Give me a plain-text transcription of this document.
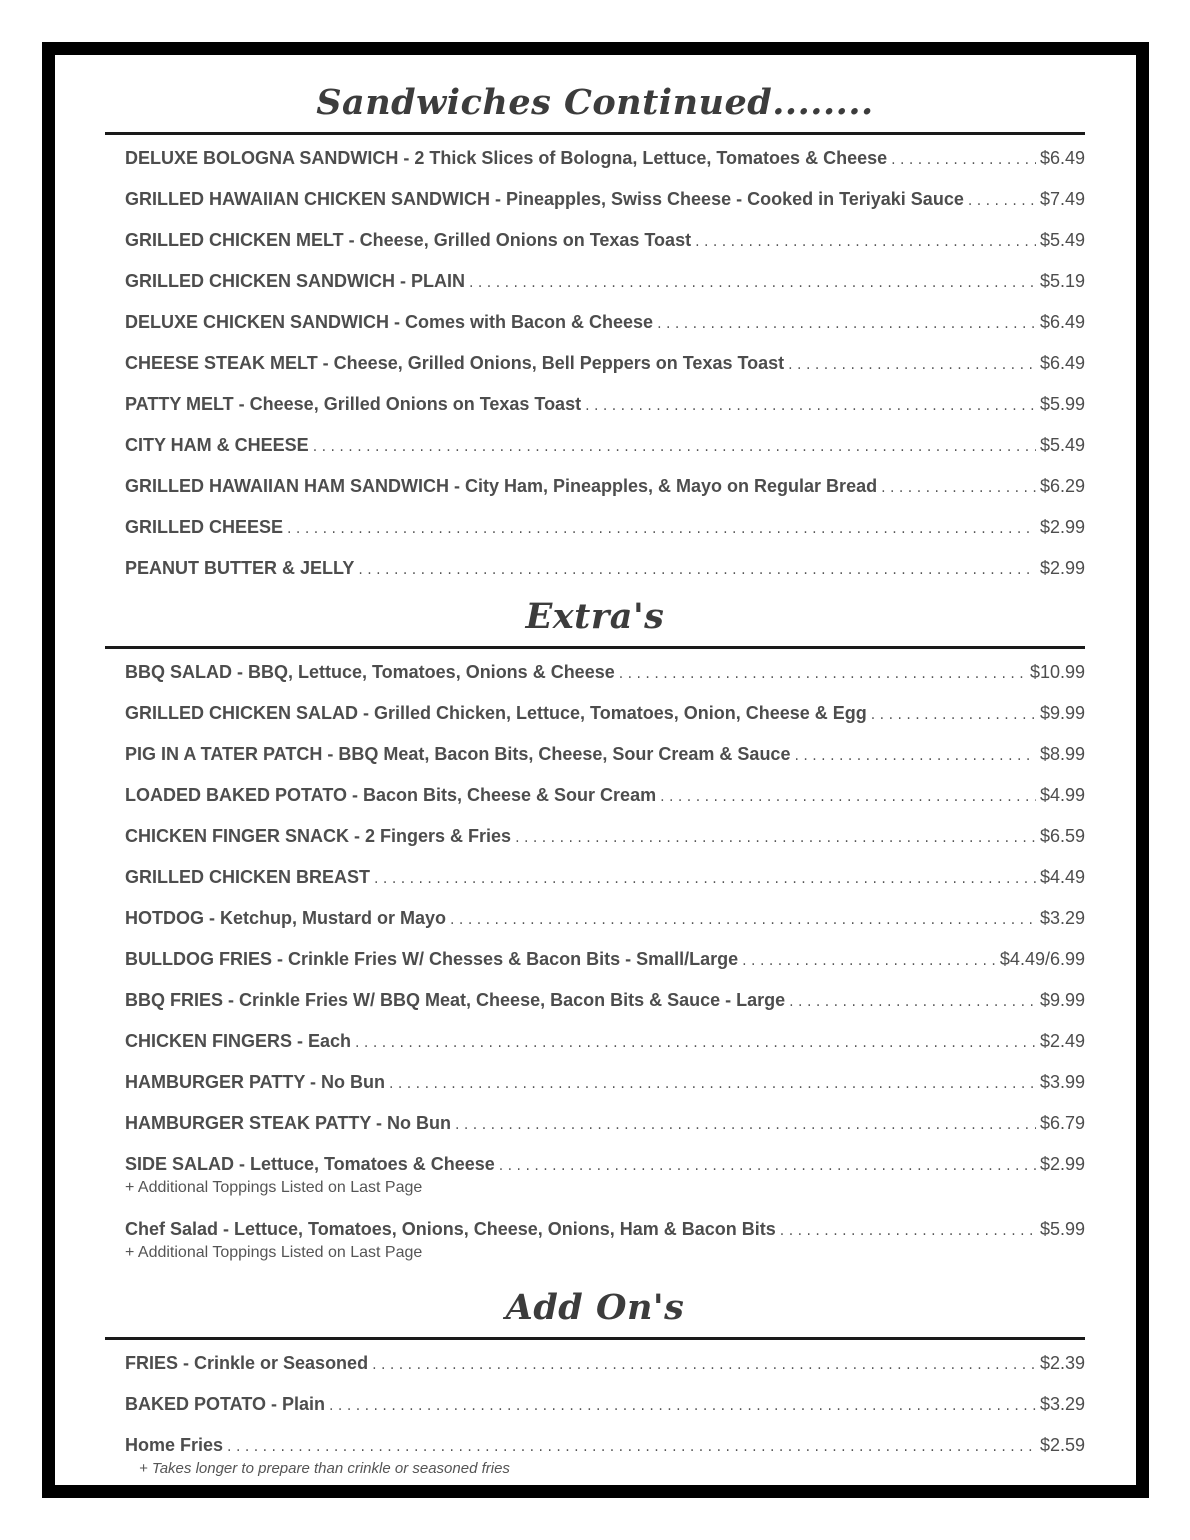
Sandwiches Continued........
DELUXE BOLOGNA SANDWICH - 2 Thick Slices of Bologna, Lettuce, Tomatoes & Cheese . . .	$6.49
GRILLED HAWAIIAN CHICKEN SANDWICH - Pineapples, Swiss Cheese - Cooked in Teriyaki Sauce . . .	$7.49
GRILLED CHICKEN MELT - Cheese, Grilled Onions on Texas Toast . . .	$5.49
GRILLED CHICKEN SANDWICH - PLAIN . . .	$5.19
DELUXE CHICKEN SANDWICH - Comes with Bacon & Cheese . . .	$6.49
CHEESE STEAK MELT - Cheese, Grilled Onions, Bell Peppers on Texas Toast . . .	$6.49
PATTY MELT - Cheese, Grilled Onions on Texas Toast . . .	$5.99
CITY HAM & CHEESE . . .	$5.49
GRILLED HAWAIIAN HAM SANDWICH - City Ham, Pineapples, & Mayo on Regular Bread . . .	$6.29
GRILLED CHEESE . . .	$2.99
PEANUT BUTTER & JELLY . . .	$2.99
Extra's
BBQ SALAD - BBQ, Lettuce, Tomatoes, Onions & Cheese . . .	$10.99
GRILLED CHICKEN SALAD - Grilled Chicken, Lettuce, Tomatoes, Onion, Cheese & Egg . . .	$9.99
PIG IN A TATER PATCH - BBQ Meat, Bacon Bits, Cheese, Sour Cream & Sauce . . .	$8.99
LOADED BAKED POTATO - Bacon Bits, Cheese & Sour Cream . . .	$4.99
CHICKEN FINGER SNACK - 2 Fingers & Fries . . .	$6.59
GRILLED CHICKEN BREAST . . .	$4.49
HOTDOG - Ketchup, Mustard or Mayo . . .	$3.29
BULLDOG FRIES - Crinkle Fries W/ Chesses & Bacon Bits - Small/Large . . .	$4.49/6.99
BBQ FRIES - Crinkle Fries W/ BBQ Meat, Cheese, Bacon Bits & Sauce - Large . . .	$9.99
CHICKEN FINGERS - Each . . .	$2.49
HAMBURGER PATTY - No Bun . . .	$3.99
HAMBURGER STEAK PATTY - No Bun . . .	$6.79
SIDE SALAD - Lettuce, Tomatoes & Cheese . . .	$2.99
+ Additional Toppings Listed on Last Page
Chef Salad - Lettuce, Tomatoes, Onions, Cheese, Onions, Ham & Bacon Bits . . .	$5.99
+ Additional Toppings Listed on Last Page
Add On's
FRIES - Crinkle or Seasoned . . .	$2.39
BAKED POTATO - Plain . . .	$3.29
Home Fries . . .	$2.59
+ Takes longer to prepare than crinkle or seasoned fries
